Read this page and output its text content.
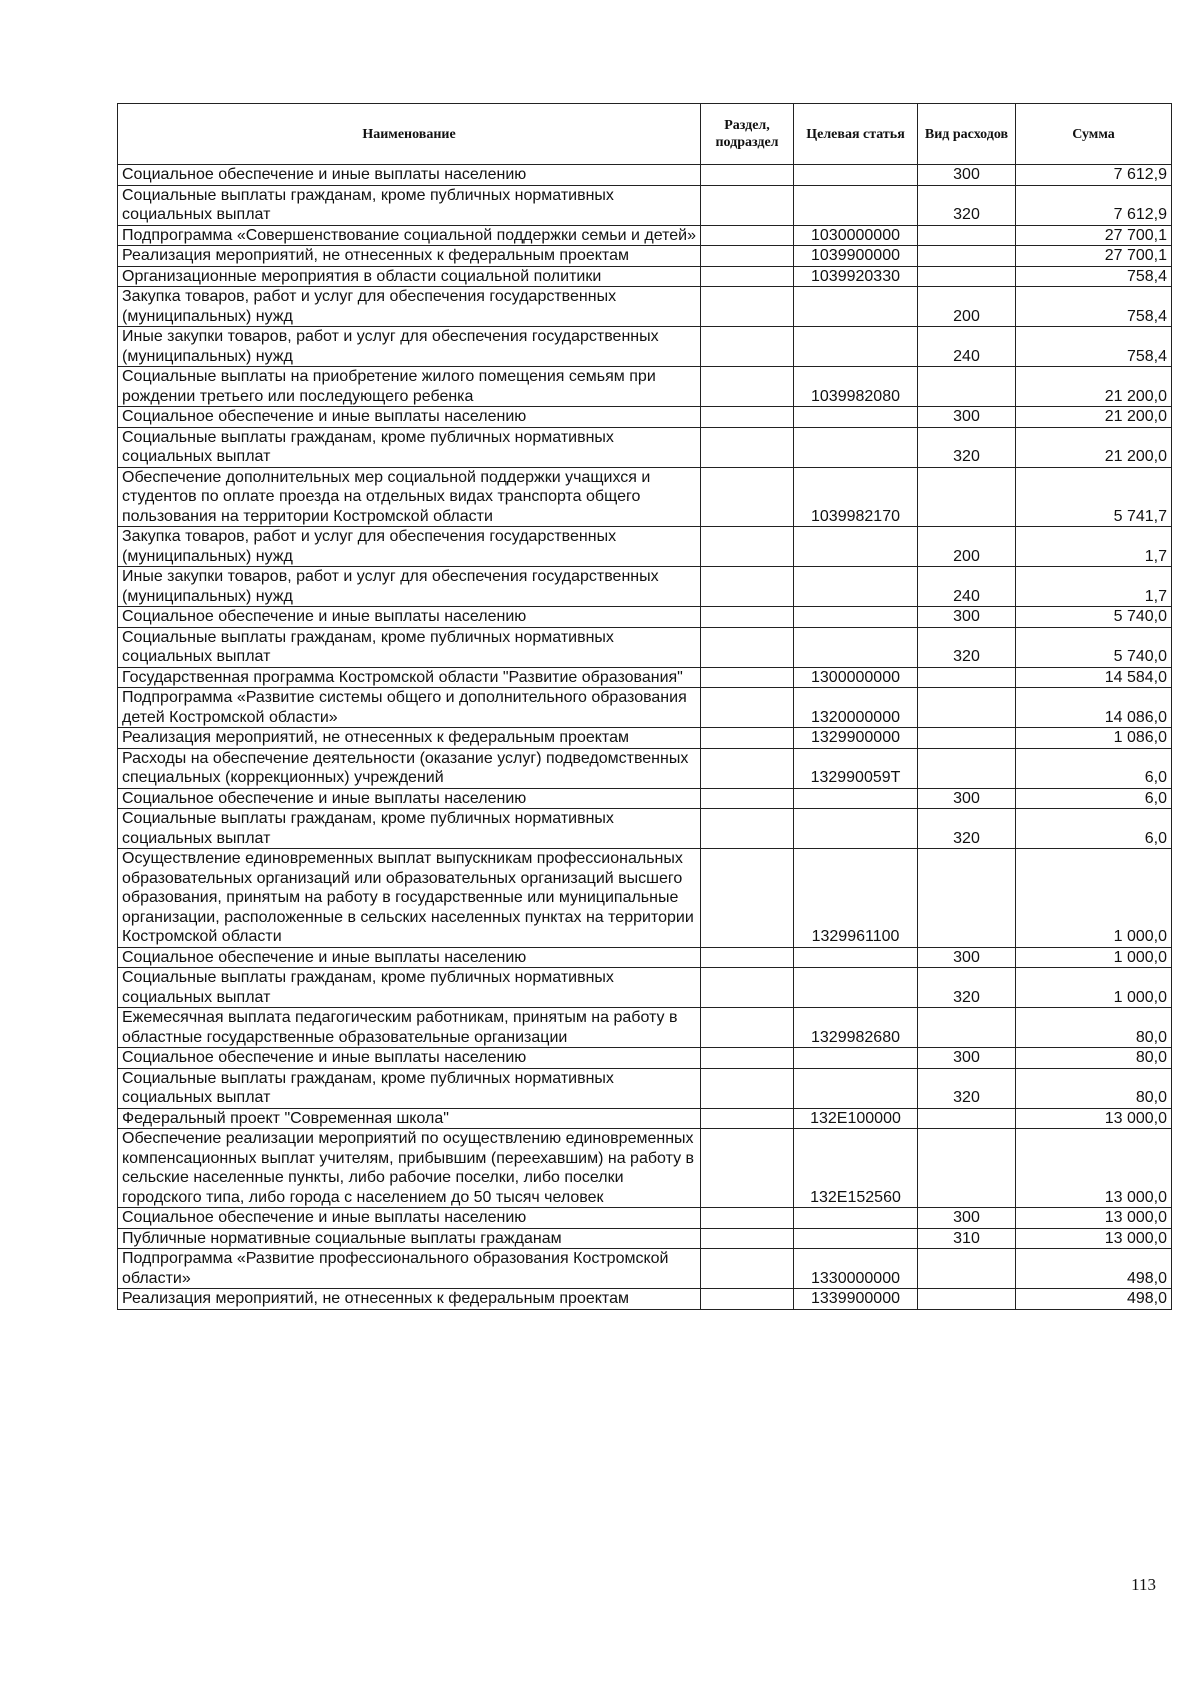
Наименование	Раздел, подраздел	Целевая статья	Вид расходов	Сумма
Социальное обеспечение и иные выплаты населению			300	7 612,9
Социальные выплаты гражданам, кроме публичных нормативных социальных выплат			320	7 612,9
Подпрограмма «Совершенствование социальной поддержки семьи и детей»		1030000000		27 700,1
Реализация мероприятий, не отнесенных к федеральным проектам		1039900000		27 700,1
Организационные мероприятия в области социальной политики		1039920330		758,4
Закупка товаров, работ и услуг для обеспечения государственных (муниципальных) нужд			200	758,4
Иные закупки товаров, работ и услуг для обеспечения государственных (муниципальных) нужд			240	758,4
Социальные выплаты на приобретение жилого помещения семьям при рождении третьего или последующего ребенка		1039982080		21 200,0
Социальное обеспечение и иные выплаты населению			300	21 200,0
Социальные выплаты гражданам, кроме публичных нормативных социальных выплат			320	21 200,0
Обеспечение дополнительных мер социальной поддержки учащихся и студентов по оплате проезда на отдельных видах транспорта общего пользования на территории Костромской области		1039982170		5 741,7
Закупка товаров, работ и услуг для обеспечения государственных (муниципальных) нужд			200	1,7
Иные закупки товаров, работ и услуг для обеспечения государственных (муниципальных) нужд			240	1,7
Социальное обеспечение и иные выплаты населению			300	5 740,0
Социальные выплаты гражданам, кроме публичных нормативных социальных выплат			320	5 740,0
Государственная программа Костромской области "Развитие образования"		1300000000		14 584,0
Подпрограмма «Развитие системы общего и дополнительного образования детей Костромской области»		1320000000		14 086,0
Реализация мероприятий, не отнесенных к федеральным проектам		1329900000		1 086,0
Расходы на обеспечение деятельности (оказание услуг) подведомственных специальных (коррекционных) учреждений		132990059Т		6,0
Социальное обеспечение и иные выплаты населению			300	6,0
Социальные выплаты гражданам, кроме публичных нормативных социальных выплат			320	6,0
Осуществление единовременных выплат выпускникам профессиональных образовательных организаций или образовательных организаций высшего образования, принятым на работу в государственные или муниципальные организации, расположенные в сельских населенных пунктах на территории Костромской области		1329961100		1 000,0
Социальное обеспечение и иные выплаты населению			300	1 000,0
Социальные выплаты гражданам, кроме публичных нормативных социальных выплат			320	1 000,0
Ежемесячная выплата педагогическим работникам, принятым на работу в областные государственные образовательные организации		1329982680		80,0
Социальное обеспечение и иные выплаты населению			300	80,0
Социальные выплаты гражданам, кроме публичных нормативных социальных выплат			320	80,0
Федеральный проект "Современная школа"		132Е100000		13 000,0
Обеспечение реализации мероприятий по осуществлению единовременных компенсационных выплат учителям, прибывшим (переехавшим) на работу в сельские населенные пункты, либо рабочие поселки, либо поселки городского типа, либо города с населением до 50 тысяч человек		132Е152560		13 000,0
Социальное обеспечение и иные выплаты населению			300	13 000,0
Публичные нормативные социальные выплаты гражданам			310	13 000,0
Подпрограмма «Развитие профессионального образования Костромской области»		1330000000		498,0
Реализация мероприятий, не отнесенных к федеральным проектам		1339900000		498,0
113
